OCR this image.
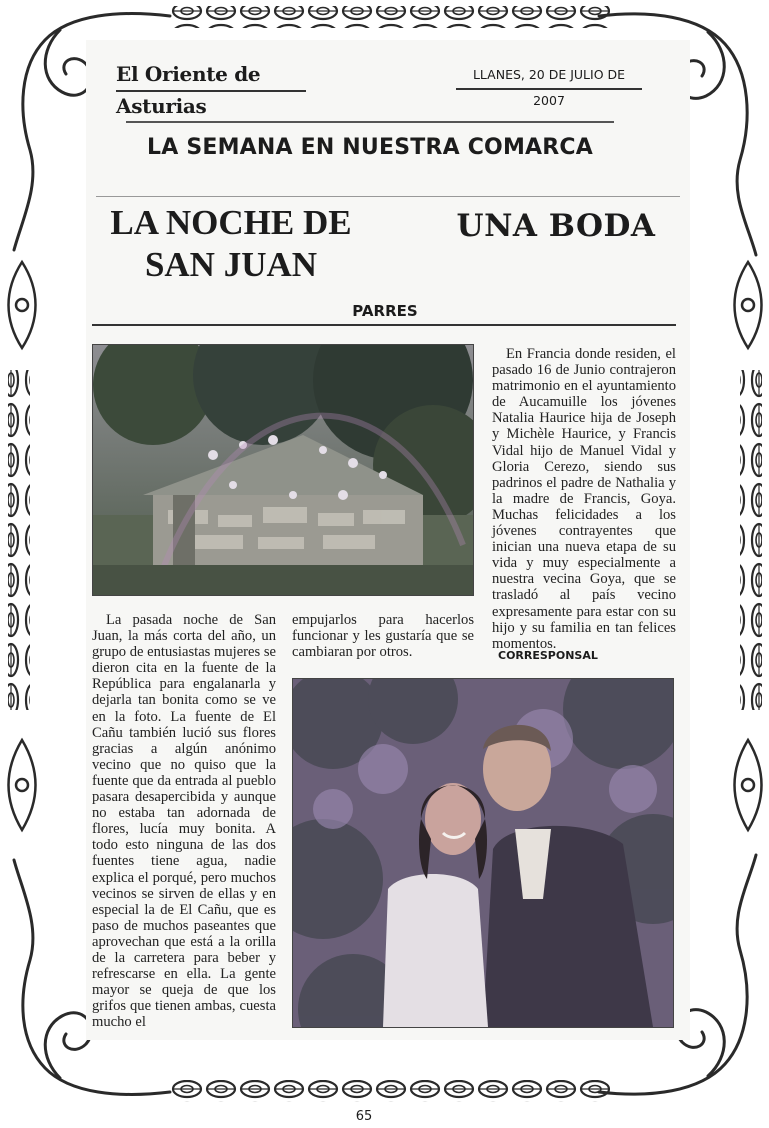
El Oriente de Asturias
LLANES, 20 DE JULIO DE 2007
LA SEMANA EN NUESTRA COMARCA
LA NOCHE DE
SAN JUAN
UNA BODA
PARRES
La pasada noche de San Juan, la más corta del año, un grupo de entusiastas mujeres se dieron cita en la fuente de la República para engalanarla y dejarla tan bonita como se ve en la foto. La fuente de El Cañu también lució sus flores gracias a algún anónimo vecino que no quiso que la fuente que da entrada al pueblo pasara desapercibida y aunque no estaba tan adornada de flores, lucía muy bonita. A todo esto ninguna de las dos fuentes tiene agua, nadie explica el porqué, pero muchos vecinos se sirven de ellas y en especial la de El Cañu, que es paso de muchos paseantes que aprovechan que está a la orilla de la carretera para beber y refrescarse en ella. La gente mayor se queja de que los grifos que tienen ambas, cuesta mucho el
empujarlos para hacerlos funcionar y les gustaría que se cambiaran por otros.
En Francia donde residen, el pasado 16 de Junio contrajeron matrimonio en el ayuntamiento de Aucamuille los jóvenes Natalia Haurice hija de Joseph y Michèle Haurice, y Francis Vidal hijo de Manuel Vidal y Gloria Cerezo, siendo sus padrinos el padre de Nathalia y la madre de Francis, Goya. Muchas felicidades a los jóvenes contrayentes que inician una nueva etapa de su vida y muy especialmente a nuestra vecina Goya, que se trasladó al país vecino expresamente para estar con su hijo y su familia en tan felices momentos.
CORRESPONSAL
65
